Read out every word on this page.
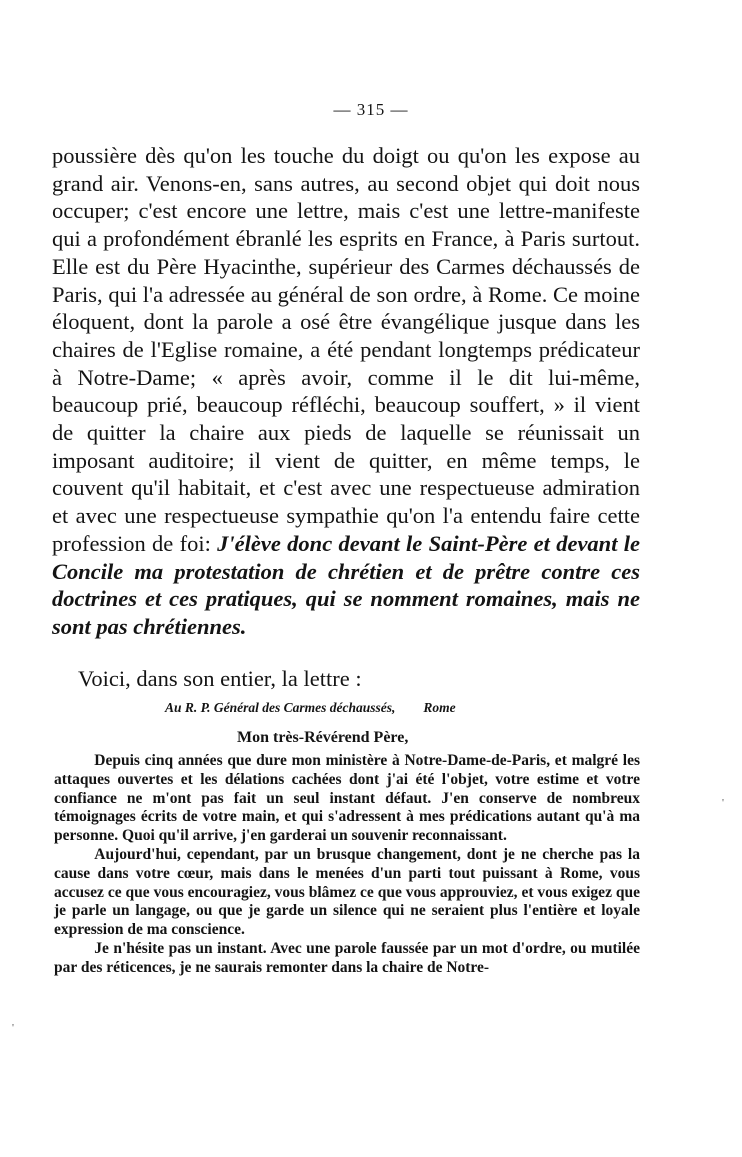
— 315 —

poussière dès qu'on les touche du doigt ou qu'on les expose au grand air. Venons-en, sans autres, au second objet qui doit nous occuper; c'est encore une lettre, mais c'est une lettre-manifeste qui a profondément ébranlé les esprits en France, à Paris surtout. Elle est du Père Hyacinthe, supérieur des Carmes déchaussés de Paris, qui l'a adressée au général de son ordre, à Rome. Ce moine éloquent, dont la parole a osé être évangélique jusque dans les chaires de l'Eglise romaine, a été pendant longtemps prédicateur à Notre-Dame; « après avoir, comme il le dit lui-même, beaucoup prié, beaucoup réfléchi, beaucoup souffert, » il vient de quitter la chaire aux pieds de laquelle se réunissait un imposant auditoire; il vient de quitter, en même temps, le couvent qu'il habitait, et c'est avec une respectueuse admiration et avec une respectueuse sympathie qu'on l'a entendu faire cette profession de foi: J'élève donc devant le Saint-Père et devant le Concile ma protestation de chrétien et de prêtre contre ces doctrines et ces pratiques, qui se nomment romaines, mais ne sont pas chrétiennes.

Voici, dans son entier, la lettre :
Au R. P. Général des Carmes déchaussés, Rome
Mon très-Révérend Père,

Depuis cinq années que dure mon ministère à Notre-Dame-de-Paris, et malgré les attaques ouvertes et les délations cachées dont j'ai été l'objet, votre estime et votre confiance ne m'ont pas fait un seul instant défaut. J'en conserve de nombreux témoignages écrits de votre main, et qui s'adressent à mes prédications autant qu'à ma personne. Quoi qu'il arrive, j'en garderai un souvenir reconnaissant.

Aujourd'hui, cependant, par un brusque changement, dont je ne cherche pas la cause dans votre cœur, mais dans le menées d'un parti tout puissant à Rome, vous accusez ce que vous encouragiez, vous blâmez ce que vous approuviez, et vous exigez que je parle un langage, ou que je garde un silence qui ne seraient plus l'entière et loyale expression de ma conscience.

Je n'hésite pas un instant. Avec une parole faussée par un mot d'ordre, ou mutilée par des réticences, je ne saurais remonter dans la chaire de Notre-

'
'
